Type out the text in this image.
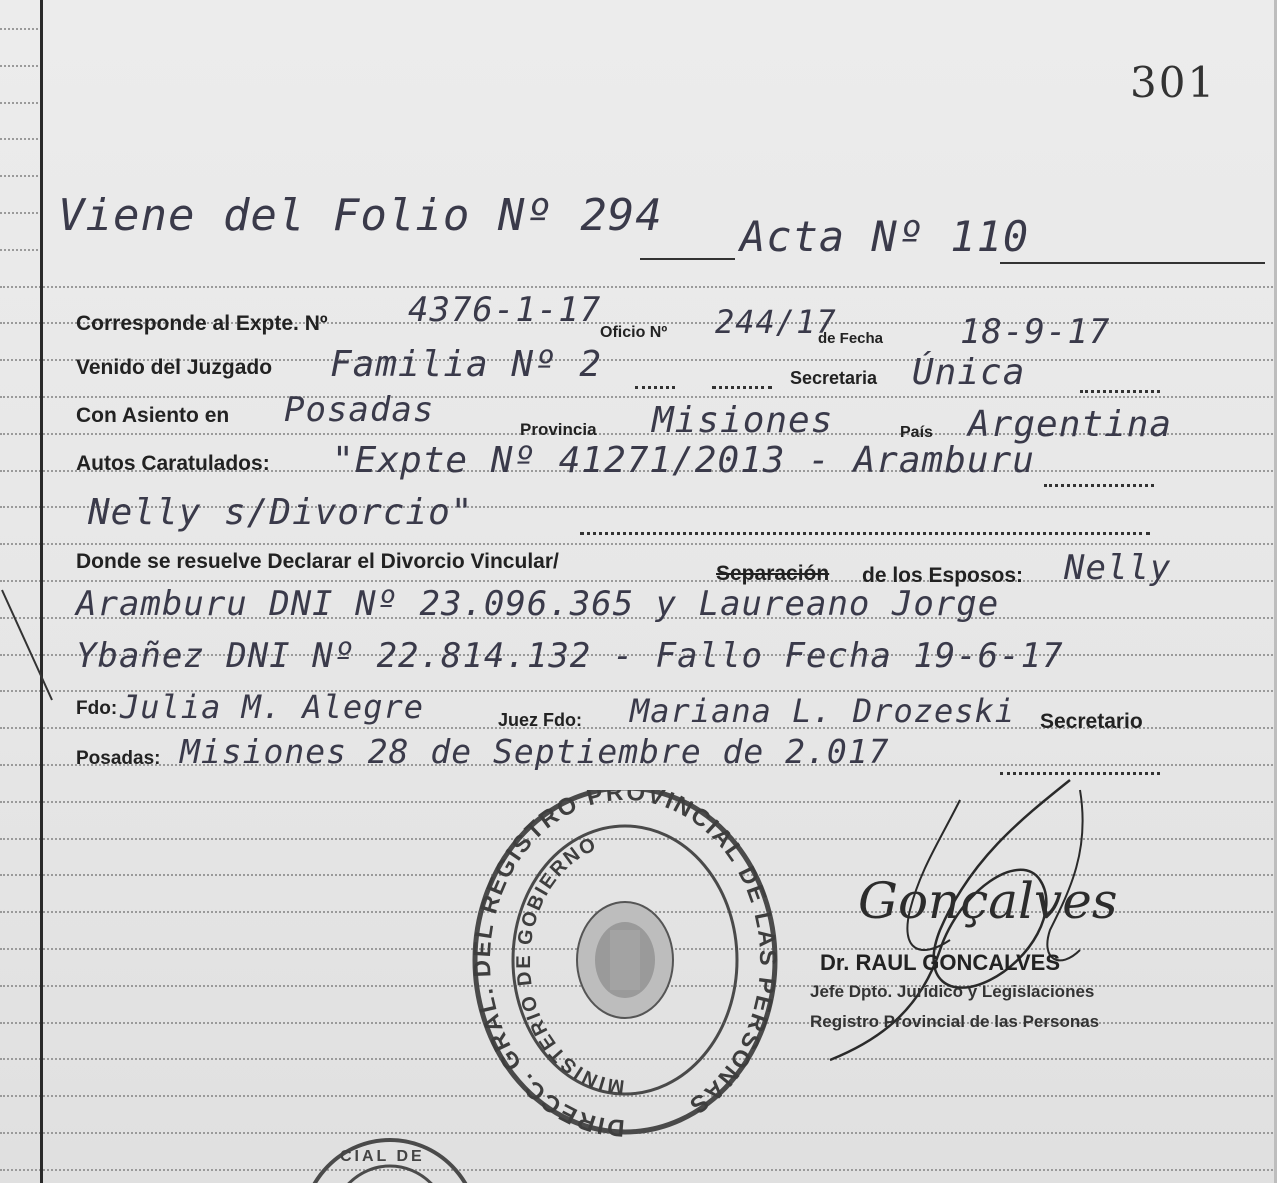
301
Viene del Folio Nº 294 Acta Nº 110
Corresponde al Expte. Nº 4376-1-17
Oficio Nº 244/17
de Fecha 18-9-17
Venido del Juzgado Familia Nº 2	Secretaria Única
Con Asiento en Posadas	Provincia Misiones	País Argentina
Autos Caratulados: "Expte Nº 41271/2013 - Aramburu
Nelly s/Divorcio"
Donde se resuelve Declarar el Divorcio Vincular/
Separación de los Esposos: Nelly
Aramburu DNI Nº 23.096.365 y Laureano Jorge
Ybañez DNI Nº 22.814.132 - Fallo Fecha 19-6-17
Fdo: Julia M. Alegre	Juez Fdo: Mariana L. Drozeski Secretario
Posadas: Misiones 28 de Septiembre de 2.017
DIRECC. GRAL. DEL REGISTRO PROVINCIAL DE LAS PERSONAS
MINISTERIO DE GOBIERNO
CIAL DE
Gonçalves
Dr. RAUL GONCALVES
Jefe Dpto. Jurídico y Legislaciones
Registro Provincial de las Personas
